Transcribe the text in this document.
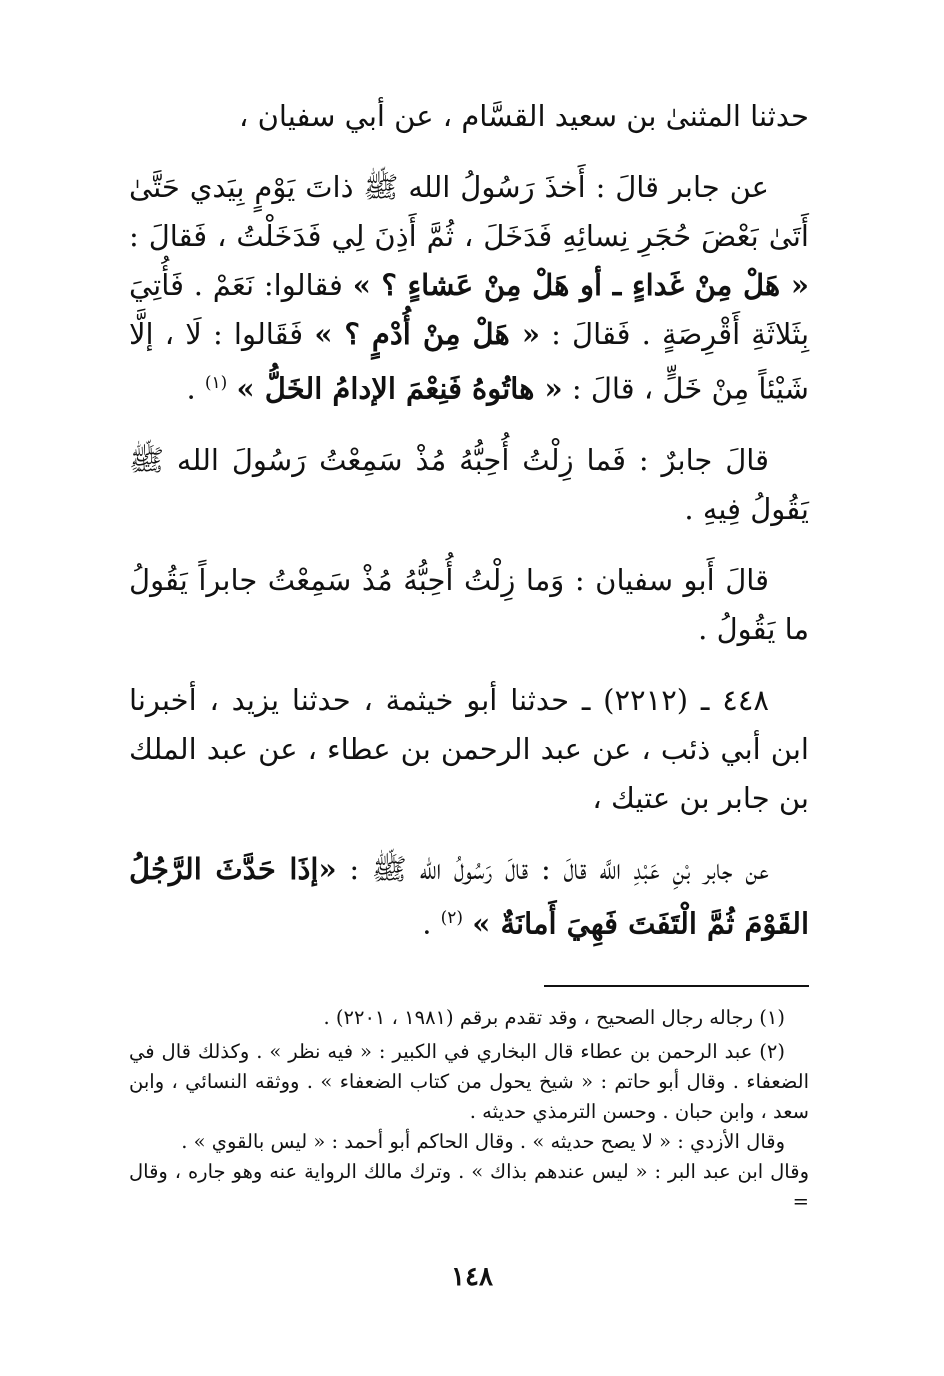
حدثنا المثنىٰ بن سعيد القسَّام ، عن أبي سفيان ،

عن جابر قالَ : أَخذَ رَسُولُ الله ﷺ ذاتَ يَوْمٍ بِيَدي حَتَّىٰ أَتَىٰ بَعْضَ حُجَرِ نِسائِهِ فَدَخَلَ ، ثُمَّ أَذِنَ لِي فَدَخَلْتُ ، فَقالَ : « هَلْ مِنْ غَداءٍ ـ أو هَلْ مِنْ عَشاءٍ ؟ » فقالوا: نَعَمْ . فَأُتِيَ بِثَلاثَةِ أَقْرِصَةٍ . فَقالَ : « هَلْ مِنْ أُدْمٍ ؟ » فَقَالوا : لَا ، إلَّا شَيْئاً مِنْ خَلٍّ ، قالَ : « هاتُوهُ فَنِعْمَ الإدامُ الخَلُّ » $^{(١)}$ .

قالَ جابرٌ : فَما زِلْتُ أُحِبُّهُ مُذْ سَمِعْتُ رَسُولَ الله ﷺ يَقُولُ فِيهِ .

قالَ أَبو سفيان : وَما زِلْتُ أُحِبُّهُ مُذْ سَمِعْتُ جابراً يَقُولُ ما يَقُولُ .

٤٤٨ ـ (٢٢١٢) ـ حدثنا أبو خيثمة ، حدثنا يزيد ، أخبرنا ابن أبي ذئب ، عن عبد الرحمن بن عطاء ، عن عبد الملك بن جابر بن عتيك ،

عن جابر بْنِ عَبْدِ اللَّه قالَ : قالَ رَسُولُ الله ﷺ : «إذَا حَدَّثَ الرَّجُلُ القَوْمَ ثُمَّ الْتَفَتَ فَهِيَ أَمانَةٌ » $^{(٢)}$ .

(١) رجاله رجال الصحيح ، وقد تقدم برقم (١٩٨١ ، ٢٢٠١) .

(٢) عبد الرحمن بن عطاء قال البخاري في الكبير : « فيه نظر » . وكذلك قال في الضعفاء . وقال أبو حاتم : « شيخ يحول من كتاب الضعفاء » . ووثقه النسائي ، وابن سعد ، وابن حبان . وحسن الترمذي حديثه .

وقال الأزدي : « لا يصح حديثه » . وقال الحاكم أبو أحمد : « ليس بالقوي » .

وقال ابن عبد البر : « ليس عندهم بذاك » . وترك مالك الرواية عنه وهو جاره ، وقال =

١٤٨
